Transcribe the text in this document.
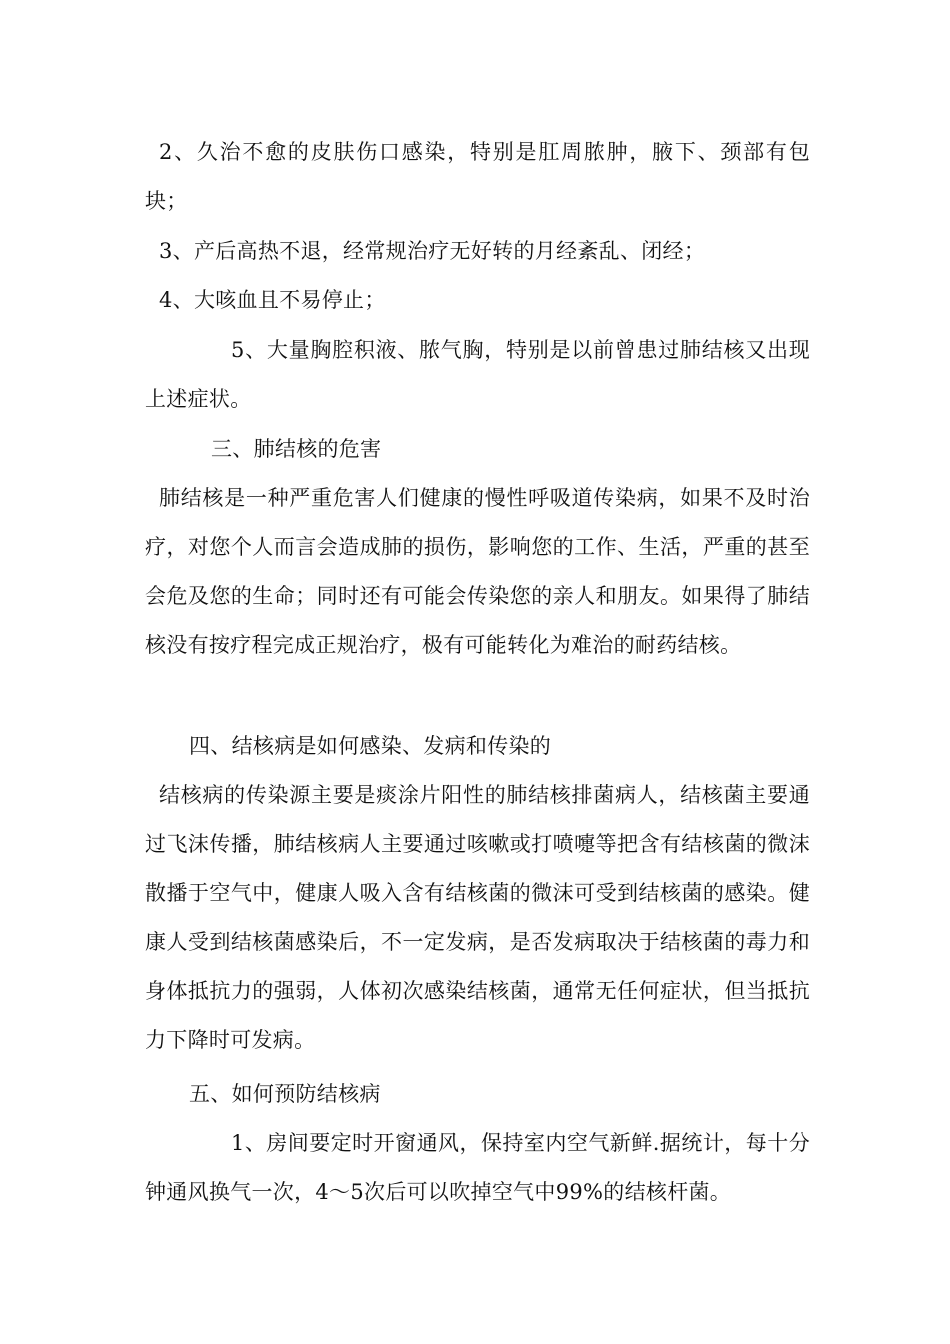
2、久治不愈的皮肤伤口感染，特别是肛周脓肿，腋下、颈部有包块；

3、产后高热不退，经常规治疗无好转的月经紊乱、闭经；

4、大咳血且不易停止；

5、大量胸腔积液、脓气胸，特别是以前曾患过肺结核又出现上述症状。

三、肺结核的危害

肺结核是一种严重危害人们健康的慢性呼吸道传染病，如果不及时治疗，对您个人而言会造成肺的损伤，影响您的工作、生活，严重的甚至会危及您的生命；同时还有可能会传染您的亲人和朋友。如果得了肺结核没有按疗程完成正规治疗，极有可能转化为难治的耐药结核。

四、结核病是如何感染、发病和传染的

结核病的传染源主要是痰涂片阳性的肺结核排菌病人，结核菌主要通过飞沫传播，肺结核病人主要通过咳嗽或打喷嚏等把含有结核菌的微沫散播于空气中，健康人吸入含有结核菌的微沫可受到结核菌的感染。健康人受到结核菌感染后，不一定发病，是否发病取决于结核菌的毒力和身体抵抗力的强弱，人体初次感染结核菌，通常无任何症状，但当抵抗力下降时可发病。

五、如何预防结核病

1、房间要定时开窗通风，保持室内空气新鲜.据统计，每十分钟通风换气一次，4～5次后可以吹掉空气中99%的结核杆菌。
